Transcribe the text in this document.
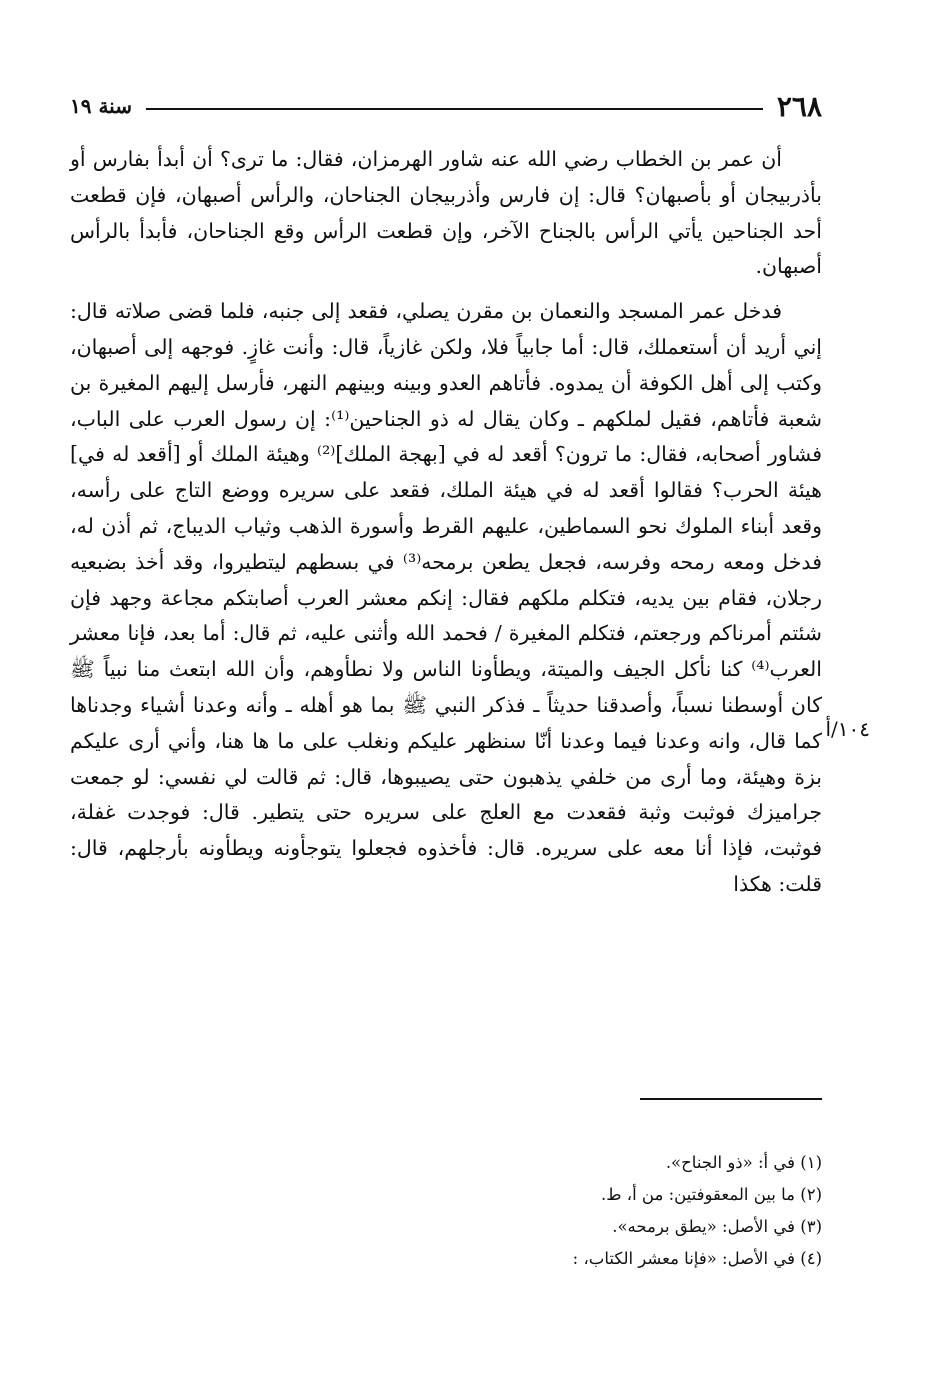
٢٦٨
سنة ١٩

أن عمر بن الخطاب رضي الله عنه شاور الهرمزان، فقال: ما ترى؟ أن أبدأ بفارس أو بأذربيجان أو بأصبهان؟ قال: إن فارس وأذربيجان الجناحان، والرأس أصبهان، فإن قطعت أحد الجناحين يأتي الرأس بالجناح الآخر، وإن قطعت الرأس وقع الجناحان، فأبدأ بالرأس أصبهان.

فدخل عمر المسجد والنعمان بن مقرن يصلي، فقعد إلى جنبه، فلما قضى صلاته قال: إني أريد أن أستعملك، قال: أما جابياً فلا، ولكن غازياً، قال: وأنت غازٍ. فوجهه إلى أصبهان، وكتب إلى أهل الكوفة أن يمدوه. فأتاهم العدو وبينه وبينهم النهر، فأرسل إليهم المغيرة بن شعبة فأتاهم، فقيل لملكهم ـ وكان يقال له ذو الجناحين⁽¹⁾: إن رسول العرب على الباب، فشاور أصحابه، فقال: ما ترون؟ أقعد له في [بهجة الملك]⁽²⁾ وهيئة الملك أو [أقعد له في] هيئة الحرب؟ فقالوا أقعد له في هيئة الملك، فقعد على سريره ووضع التاج على رأسه، وقعد أبناء الملوك نحو السماطين، عليهم القرط وأسورة الذهب وثياب الديباج، ثم أذن له، فدخل ومعه رمحه وفرسه، فجعل يطعن برمحه⁽³⁾ في بسطهم ليتطيروا، وقد أخذ بضبعيه رجلان، فقام بين يديه، فتكلم ملكهم فقال: إنكم معشر العرب أصابتكم مجاعة وجهد فإن شئتم أمرناكم ورجعتم، فتكلم المغيرة / فحمد الله وأثنى عليه، ثم قال: أما بعد، فإنا معشر العرب⁽⁴⁾ كنا نأكل الجيف والميتة، ويطأونا الناس ولا نطأوهم، وأن الله ابتعث منا نبياً ﷺ كان أوسطنا نسباً، وأصدقنا حديثاً ـ فذكر النبي ﷺ بما هو أهله ـ وأنه وعدنا أشياء وجدناها كما قال، وانه وعدنا فيما وعدنا أنّا سنظهر عليكم ونغلب على ما ها هنا، وأني أرى عليكم بزة وهيئة، وما أرى من خلفي يذهبون حتى يصيبوها، قال: ثم قالت لي نفسي: لو جمعت جراميزك فوثبت وثبة فقعدت مع العلج على سريره حتى يتطير. قال: فوجدت غفلة، فوثبت، فإذا أنا معه على سريره. قال: فأخذوه فجعلوا يتوجأونه ويطأونه بأرجلهم، قال: قلت: هكذا

١٠٤/أ

(١) في أ: «ذو الجناح».

(٢) ما بين المعقوفتين: من أ، ط.

(٣) في الأصل: «يطق برمحه».

(٤) في الأصل: «فإنا معشر الكتاب، :
